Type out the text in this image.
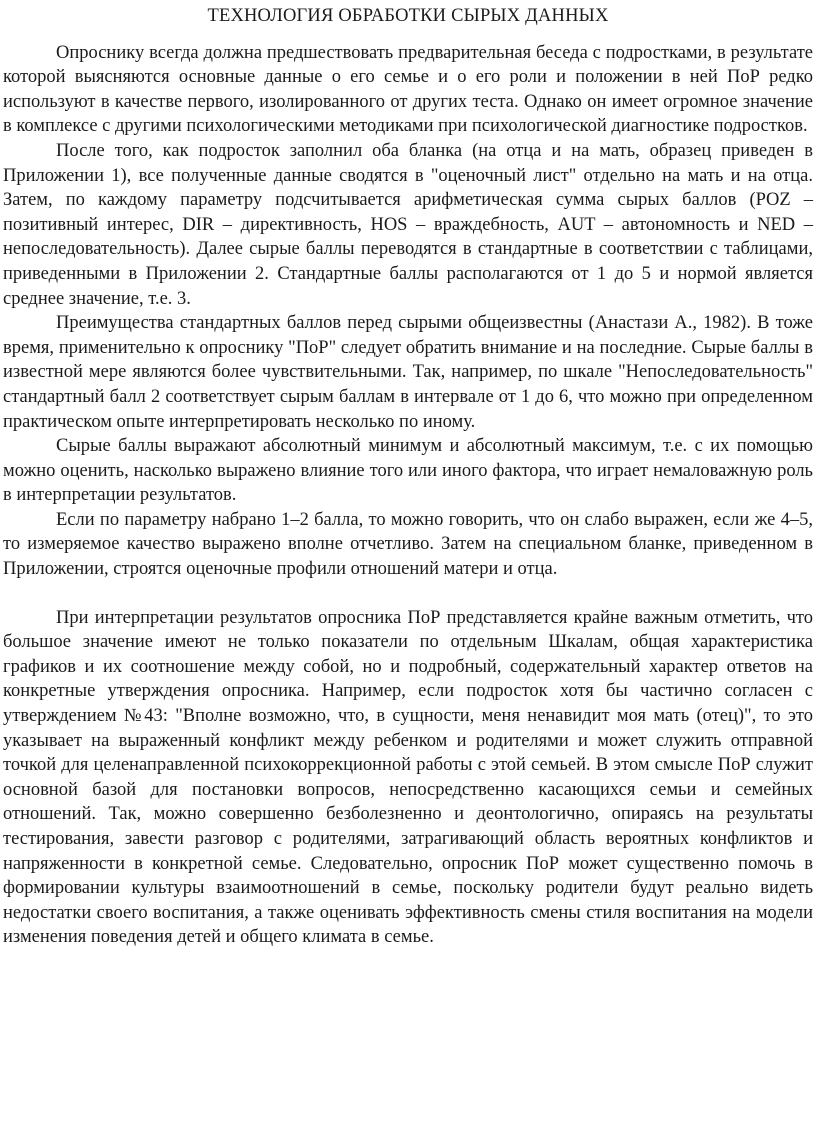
ТЕХНОЛОГИЯ ОБРАБОТКИ СЫРЫХ ДАННЫХ

Опроснику всегда должна предшествовать предварительная беседа с подростками, в результате которой выясняются основные данные о его семье и о его роли и положении в ней ПоР редко используют в качестве первого, изолированного от других теста. Однако он имеет огромное значение в комплексе с другими психологическими методиками при психологической диагностике подростков.

После того, как подросток заполнил оба бланка (на отца и на мать, образец приведен в Приложении 1), все полученные данные сводятся в "оценочный лист" отдельно на мать и на отца. Затем, по каждому параметру подсчитывается арифметическая сумма сырых баллов (POZ – позитивный интерес, DIR – директивность, HOS – враждебность, AUT – автономность и NED – непоследовательность). Далее сырые баллы переводятся в стандартные в соответствии с таблицами, приведенными в Приложении 2. Стандартные баллы располагаются от 1 до 5 и нормой является среднее значение, т.е. 3.

Преимущества стандартных баллов перед сырыми общеизвестны (Анастази А., 1982). В тоже время, применительно к опроснику "ПоР" следует обратить внимание и на последние. Сырые баллы в известной мере являются более чувствительными. Так, например, по шкале "Непоследовательность" стандартный балл 2 соответствует сырым баллам в интервале от 1 до 6, что можно при определенном практическом опыте интерпретировать несколько по иному.

Сырые баллы выражают абсолютный минимум и абсолютный максимум, т.е. с их помощью можно оценить, насколько выражено влияние того или иного фактора, что играет немаловажную роль в интерпретации результатов.

Если по параметру набрано 1–2 балла, то можно говорить, что он слабо выражен, если же 4–5, то измеряемое качество выражено вполне отчетливо. Затем на специальном бланке, приведенном в Приложении, строятся оценочные профили отношений матери и отца.

При интерпретации результатов опросника ПоР представляется крайне важным отметить, что большое значение имеют не только показатели по отдельным Шкалам, общая характеристика графиков и их соотношение между собой, но и подробный, содержательный характер ответов на конкретные утверждения опросника. Например, если подросток хотя бы частично согласен с утверждением №43: "Вполне возможно, что, в сущности, меня ненавидит моя мать (отец)", то это указывает на выраженный конфликт между ребенком и родителями и может служить отправной точкой для целенаправленной психокоррекционной работы с этой семьей. В этом смысле ПоР служит основной базой для постановки вопросов, непосредственно касающихся семьи и семейных отношений. Так, можно совершенно безболезненно и деонтологично, опираясь на результаты тестирования, завести разговор с родителями, затрагивающий область вероятных конфликтов и напряженности в конкретной семье. Следовательно, опросник ПоР может существенно помочь в формировании культуры взаимоотношений в семье, поскольку родители будут реально видеть недостатки своего воспитания, а также оценивать эффективность смены стиля воспитания на модели изменения поведения детей и общего климата в семье.
